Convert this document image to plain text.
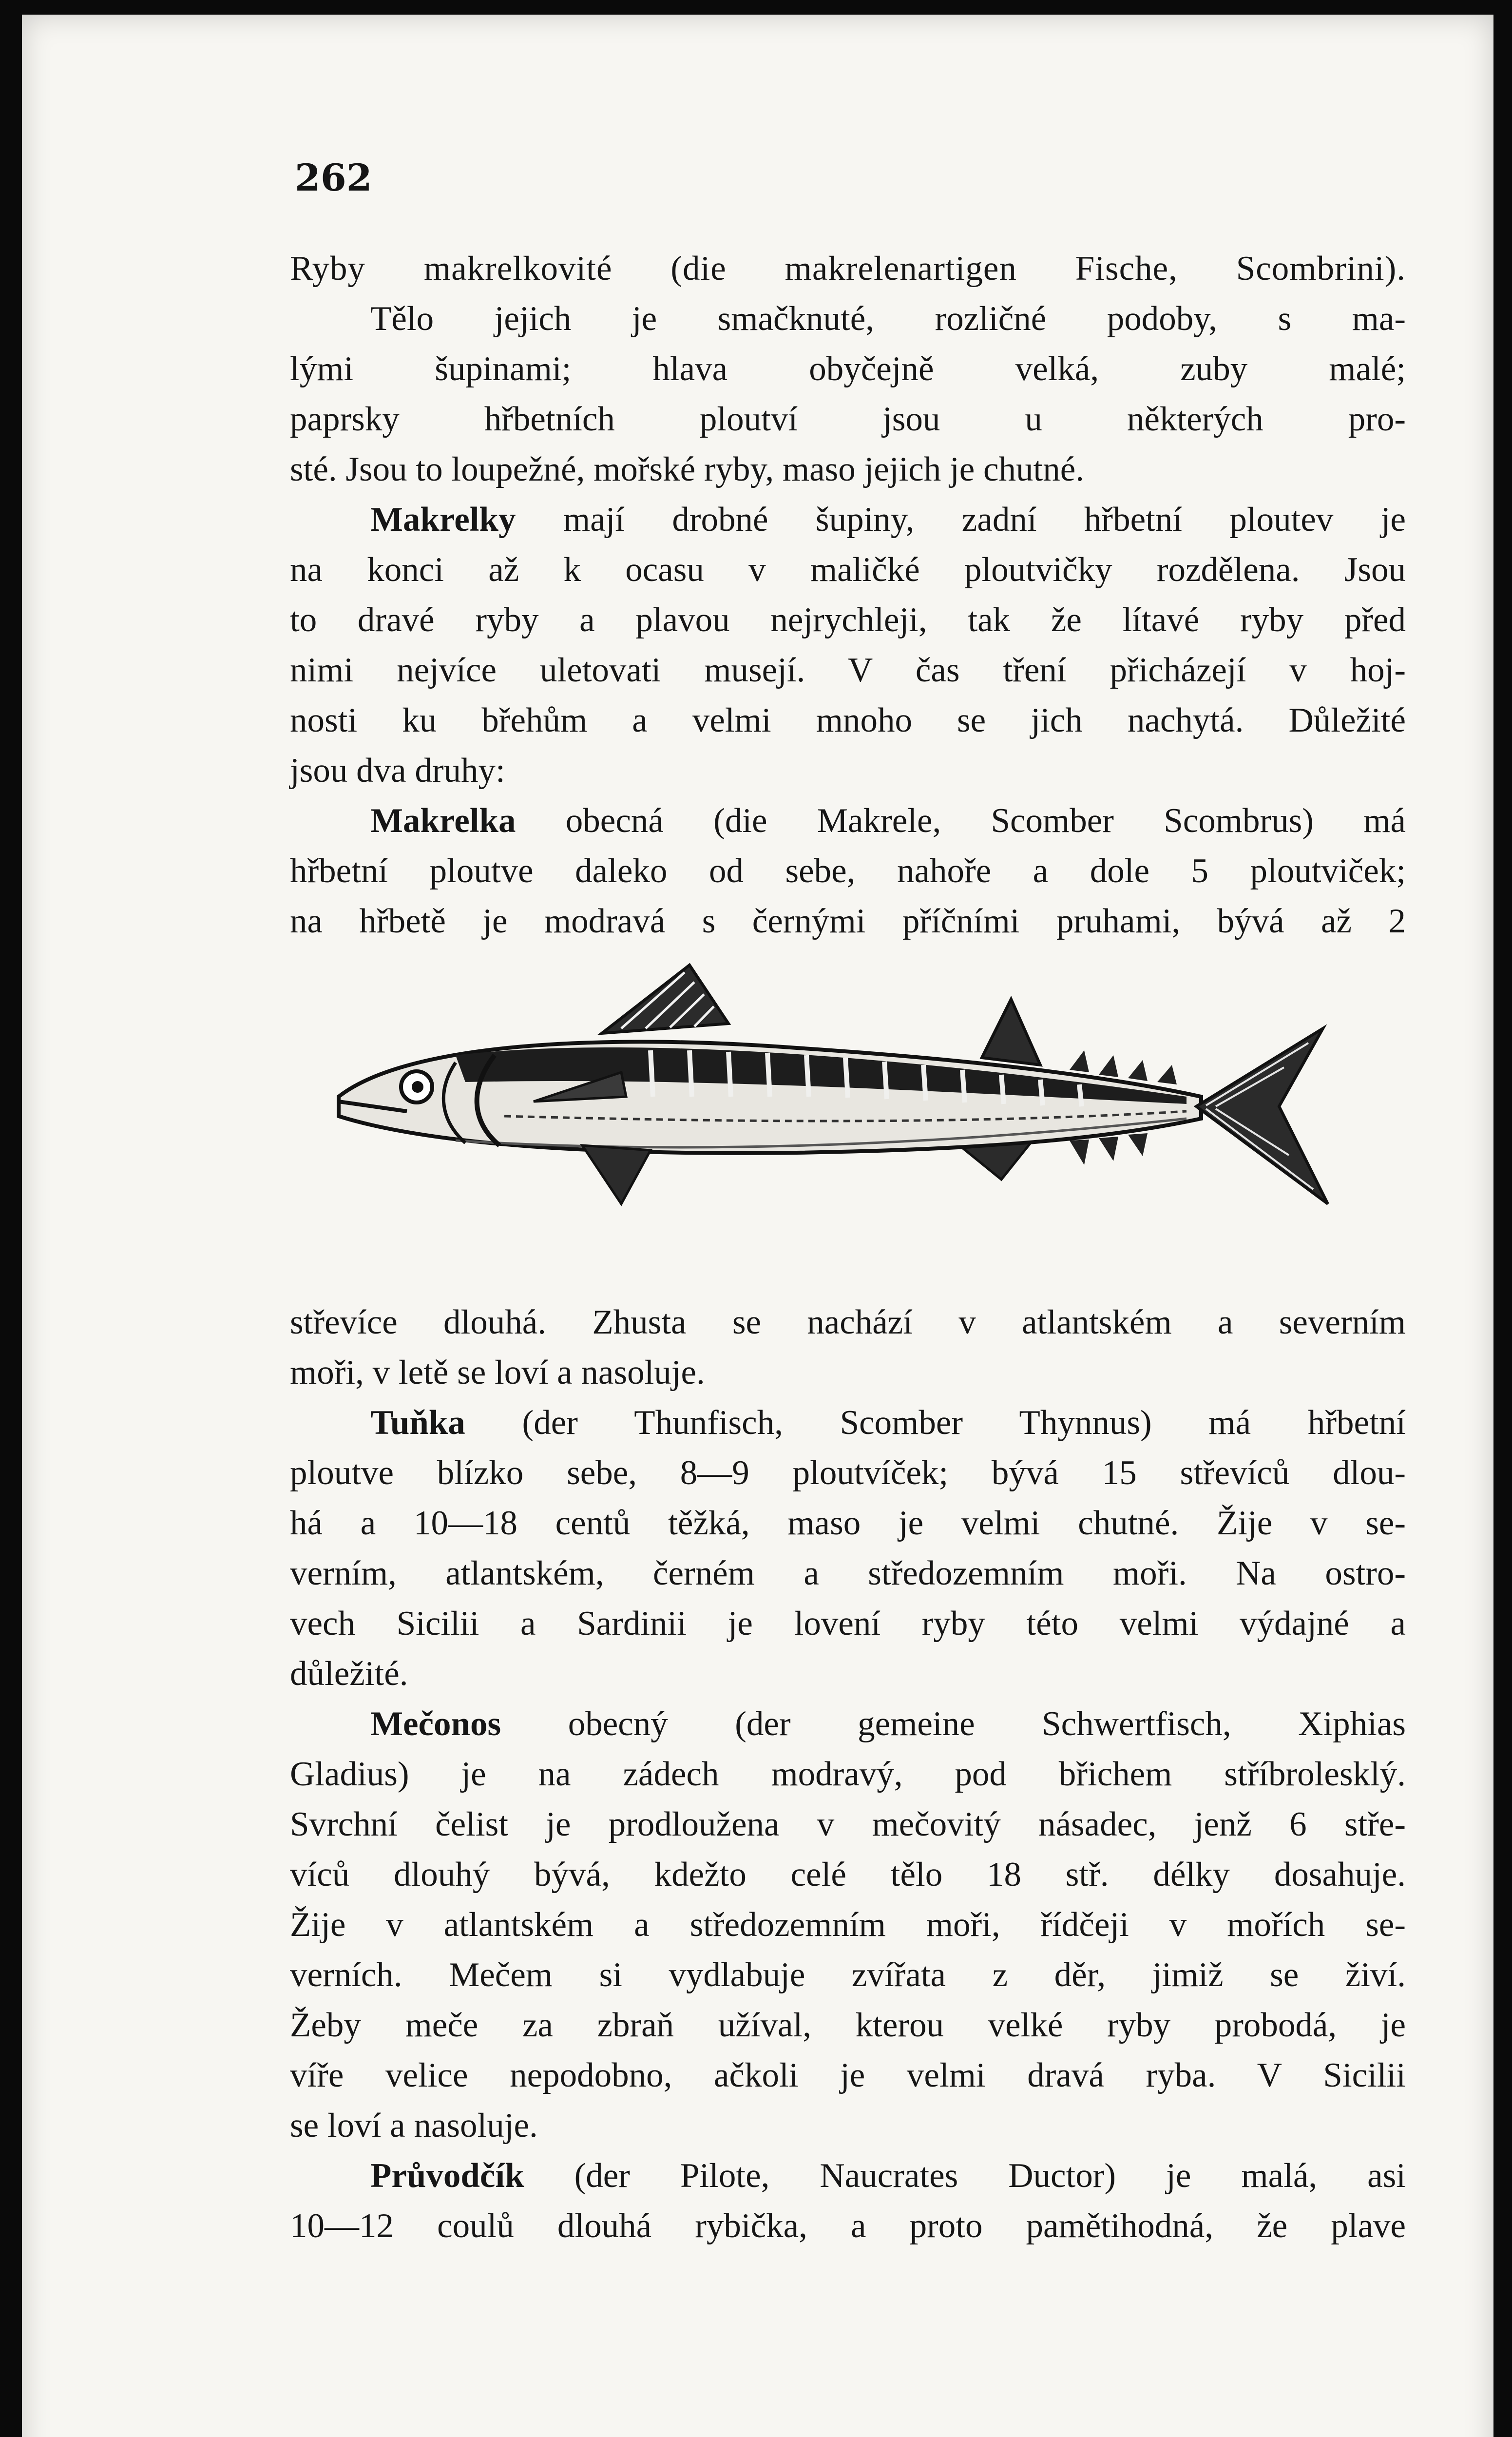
262

Ryby makrelkovité (die makrelenartigen Fische, Scombrini).

Tělo jejich je smačknuté, rozličné podoby, s ma-

lými šupinami; hlava obyčejně velká, zuby malé;

paprsky hřbetních ploutví jsou u některých pro-

sté. Jsou to loupežné, mořské ryby, maso jejich je chutné.

Makrelky mají drobné šupiny, zadní hřbetní ploutev je

na konci až k ocasu v maličké ploutvičky rozdělena. Jsou

to dravé ryby a plavou nejrychleji, tak že lítavé ryby před

nimi nejvíce uletovati musejí. V čas tření přicházejí v hoj-

nosti ku břehům a velmi mnoho se jich nachytá. Důležité

jsou dva druhy:

Makrelka obecná (die Makrele, Scomber Scombrus) má

hřbetní ploutve daleko od sebe, nahoře a dole 5 ploutviček;

na hřbetě je modravá s černými příčními pruhami, bývá až 2

střevíce dlouhá. Zhusta se nachází v atlantském a severním

moři, v letě se loví a nasoluje.

Tuňka (der Thunfisch, Scomber Thynnus) má hřbetní

ploutve blízko sebe, 8—9 ploutvíček; bývá 15 střevíců dlou-

há a 10—18 centů těžká, maso je velmi chutné. Žije v se-

verním, atlantském, černém a středozemním moři. Na ostro-

vech Sicilii a Sardinii je lovení ryby této velmi výdajné a

důležité.

Mečonos obecný (der gemeine Schwertfisch, Xiphias

Gladius) je na zádech modravý, pod břichem stříbrolesklý.

Svrchní čelist je prodloužena v mečovitý násadec, jenž 6 stře-

víců dlouhý bývá, kdežto celé tělo 18 stř. délky dosahuje.

Žije v atlantském a středozemním moři, řídčeji v mořích se-

verních. Mečem si vydlabuje zvířata z děr, jimiž se živí.

Žeby meče za zbraň užíval, kterou velké ryby probodá, je

víře velice nepodobno, ačkoli je velmi dravá ryba. V Sicilii

se loví a nasoluje.

Průvodčík (der Pilote, Naucrates Ductor) je malá, asi

10—12 coulů dlouhá rybička, a proto pamětihodná, že plave
